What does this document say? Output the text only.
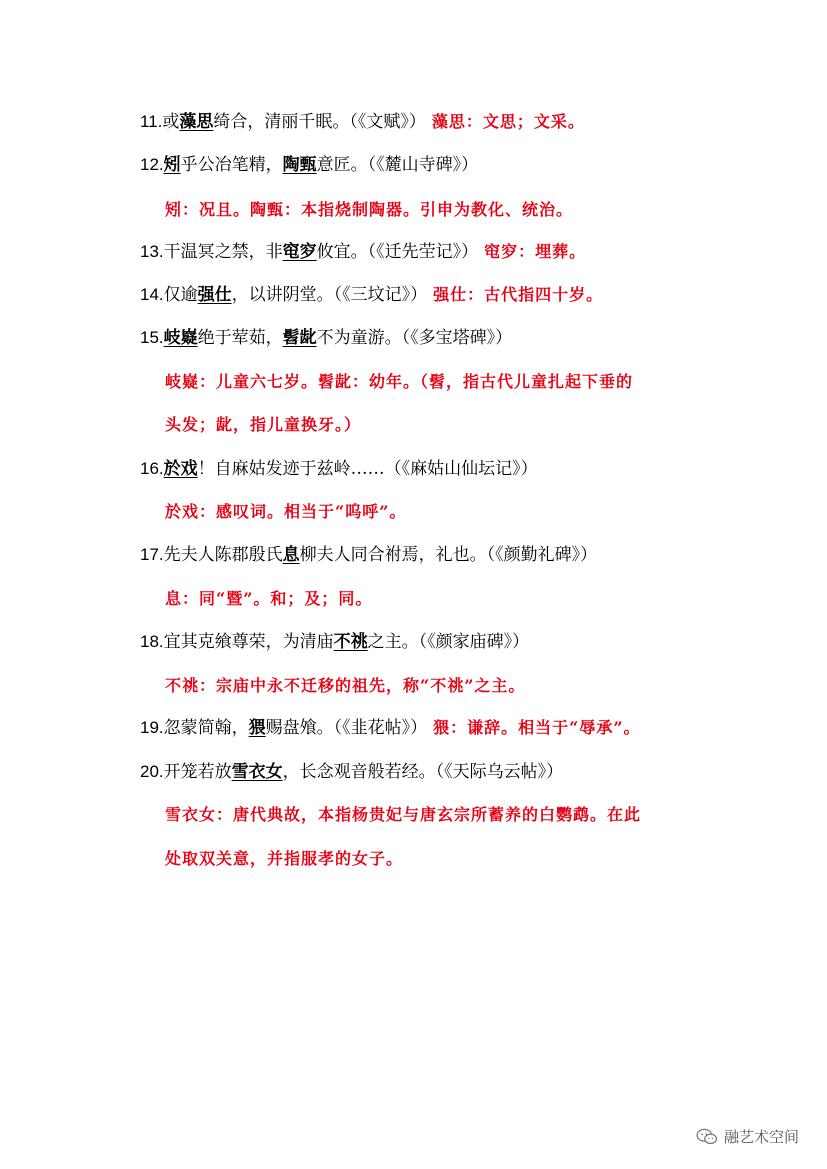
11.或藻思绮合，清丽千眠。（《文赋》） 藻思：文思；文采。
12.矧乎公冶笔精，陶甄意匠。（《麓山寺碑》）
矧：况且。陶甄：本指烧制陶器。引申为教化、统治。
13.干温冥之禁，非窀穸攸宜。（《迁先茔记》） 窀穸：埋葬。
14.仅逾强仕，以讲阴堂。（《三坟记》） 强仕：古代指四十岁。
15.岐嶷绝于荤茹，髫龀不为童游。（《多宝塔碑》）
岐嶷：儿童六七岁。髫龀：幼年。（髫，指古代儿童扎起下垂的
头发；龀，指儿童换牙。）
16.於戏！自麻姑发迹于兹岭……（《麻姑山仙坛记》）
於戏：感叹词。相当于“呜呼”。
17.先夫人陈郡殷氏息柳夫人同合祔焉，礼也。（《颜勤礼碑》）
息：同“暨”。和；及；同。
18.宜其克飨尊荣，为清庙不祧之主。（《颜家庙碑》）
不祧：宗庙中永不迁移的祖先，称“不祧”之主。
19.忽蒙简翰，猥赐盘飧。（《韭花帖》） 猥：谦辞。相当于“辱承”。
20.开笼若放雪衣女，长念观音般若经。（《天际乌云帖》）
雪衣女：唐代典故，本指杨贵妃与唐玄宗所蓄养的白鹦鹉。在此
处取双关意，并指服孝的女子。
融艺术空间
